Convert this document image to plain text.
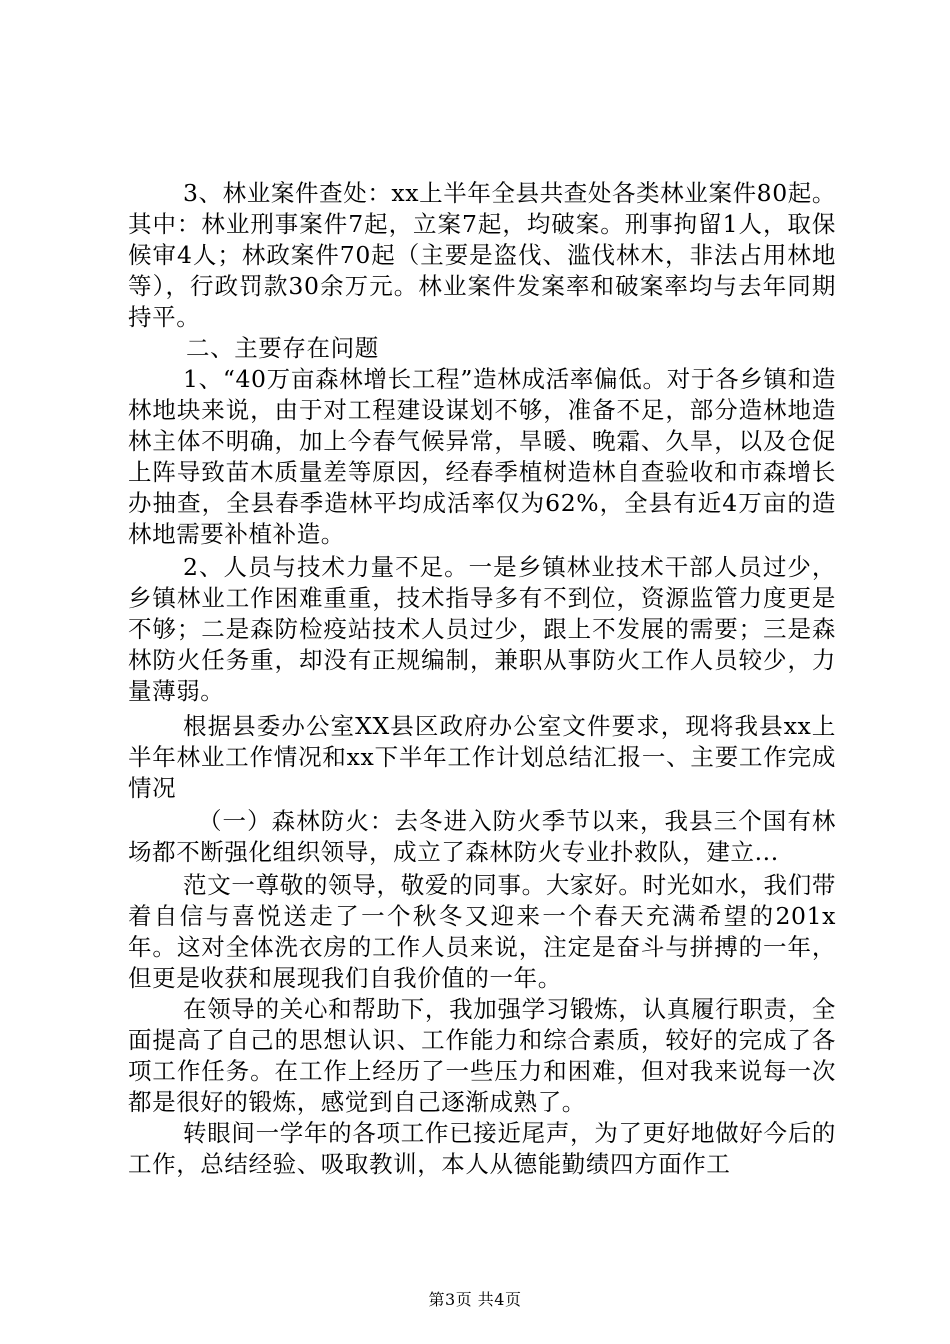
3、林业案件查处：xx上半年全县共查处各类林业案件80起。其中：林业刑事案件7起，立案7起，均破案。刑事拘留1人，取保候审4人；林政案件70起（主要是盗伐、滥伐林木，非法占用林地等），行政罚款30余万元。林业案件发案率和破案率均与去年同期持平。

二、主要存在问题

1、“40万亩森林增长工程”造林成活率偏低。对于各乡镇和造林地块来说，由于对工程建设谋划不够，准备不足，部分造林地造林主体不明确，加上今春气候异常，旱暖、晚霜、久旱，以及仓促上阵导致苗木质量差等原因，经春季植树造林自查验收和市森增长办抽查，全县春季造林平均成活率仅为62%，全县有近4万亩的造林地需要补植补造。

2、人员与技术力量不足。一是乡镇林业技术干部人员过少，乡镇林业工作困难重重，技术指导多有不到位，资源监管力度更是不够；二是森防检疫站技术人员过少，跟上不发展的需要；三是森林防火任务重，却没有正规编制，兼职从事防火工作人员较少，力量薄弱。

根据县委办公室XX县区政府办公室文件要求，现将我县xx上半年林业工作情况和xx下半年工作计划总结汇报一、主要工作完成情况

（一）森林防火：去冬进入防火季节以来，我县三个国有林场都不断强化组织领导，成立了森林防火专业扑救队，建立...

范文一尊敬的领导，敬爱的同事。大家好。时光如水，我们带着自信与喜悦送走了一个秋冬又迎来一个春天充满希望的201x年。这对全体洗衣房的工作人员来说，注定是奋斗与拼搏的一年，但更是收获和展现我们自我价值的一年。

在领导的关心和帮助下，我加强学习锻炼，认真履行职责，全面提高了自己的思想认识、工作能力和综合素质，较好的完成了各项工作任务。在工作上经历了一些压力和困难，但对我来说每一次都是很好的锻炼，感觉到自己逐渐成熟了。

转眼间一学年的各项工作已接近尾声，为了更好地做好今后的工作，总结经验、吸取教训，本人从德能勤绩四方面作工

第3页 共4页
